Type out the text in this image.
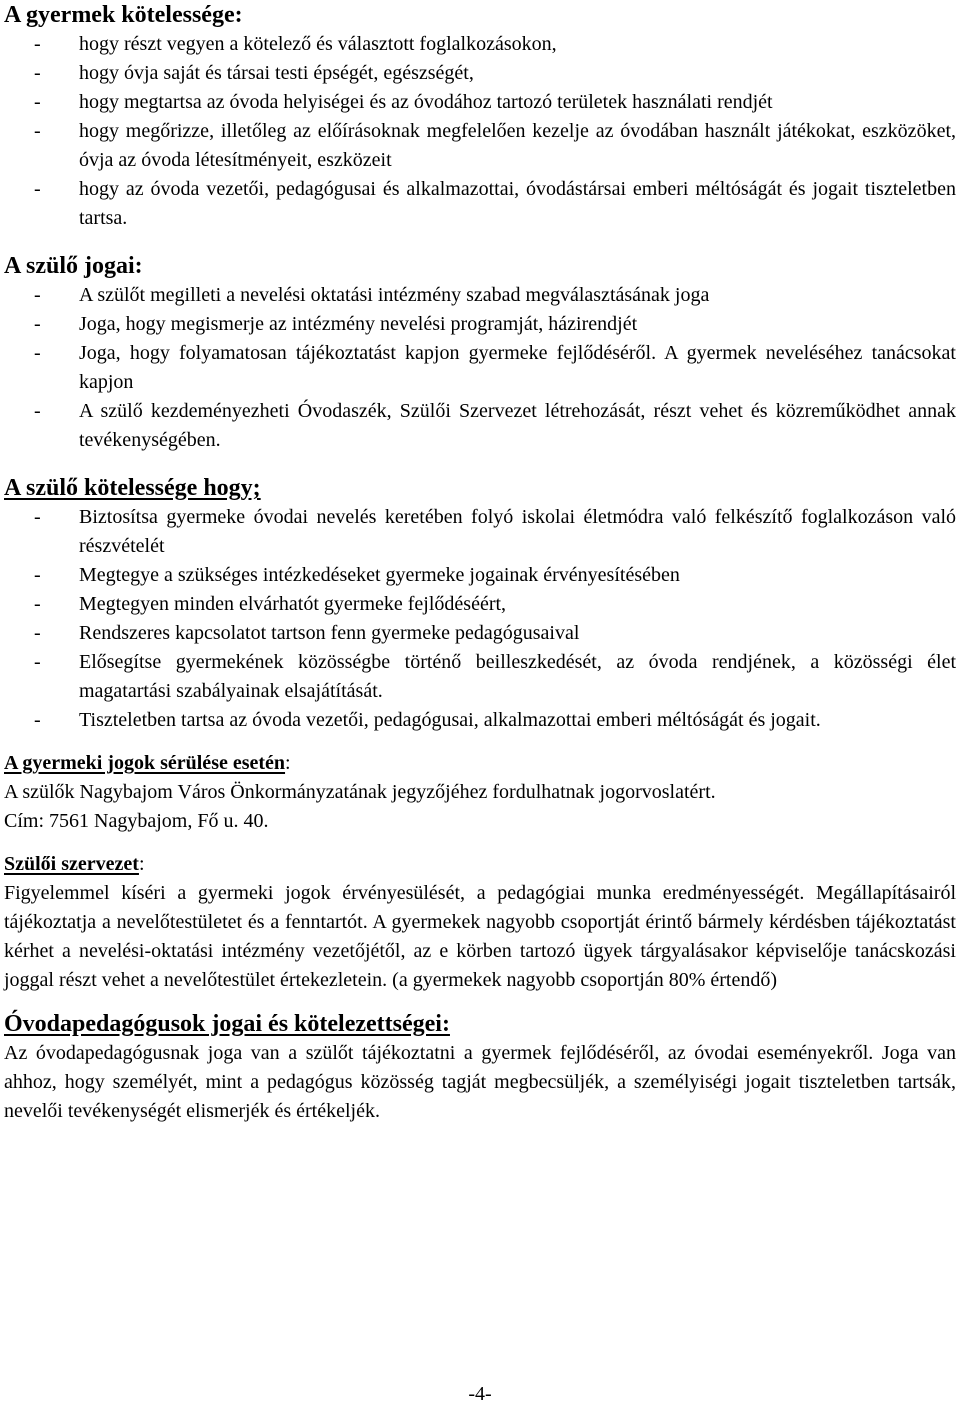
A gyermek kötelessége:
- hogy részt vegyen a kötelező és választott foglalkozásokon,
- hogy óvja saját és társai testi épségét, egészségét,
- hogy megtartsa az óvoda helyiségei és az óvodához tartozó területek használati rendjét
- hogy megőrizze, illetőleg az előírásoknak megfelelően kezelje az óvodában használt játékokat, eszközöket, óvja az óvoda létesítményeit, eszközeit
- hogy az óvoda vezetői, pedagógusai és alkalmazottai, óvodástársai emberi méltóságát és jogait tiszteletben tartsa.
A szülő jogai:
- A szülőt megilleti a nevelési oktatási intézmény szabad megválasztásának joga
- Joga, hogy megismerje az intézmény nevelési programját, házirendjét
- Joga, hogy folyamatosan tájékoztatást kapjon gyermeke fejlődéséről. A gyermek neveléséhez tanácsokat kapjon
- A szülő kezdeményezheti Óvodaszék, Szülői Szervezet létrehozását, részt vehet és közreműködhet annak tevékenységében.
A szülő kötelessége hogy;
- Biztosítsa gyermeke óvodai nevelés keretében folyó iskolai életmódra való felkészítő foglalkozáson való részvételét
- Megtegye a szükséges intézkedéseket gyermeke jogainak érvényesítésében
- Megtegyen minden elvárhatót gyermeke fejlődéséért,
- Rendszeres kapcsolatot tartson fenn gyermeke pedagógusaival
- Elősegítse gyermekének közösségbe történő beilleszkedését, az óvoda rendjének, a közösségi élet magatartási szabályainak elsajátítását.
- Tiszteletben tartsa az óvoda vezetői, pedagógusai, alkalmazottai emberi méltóságát és jogait.
A gyermeki jogok sérülése esetén:

A szülők Nagybajom Város Önkormányzatának jegyzőjéhez fordulhatnak jogorvoslatért.

Cím: 7561 Nagybajom, Fő u. 40.

Szülői szervezet:

Figyelemmel kíséri a gyermeki jogok érvényesülését, a pedagógiai munka eredményességét. Megállapításairól tájékoztatja a nevelőtestületet és a fenntartót. A gyermekek nagyobb csoportját érintő bármely kérdésben tájékoztatást kérhet a nevelési-oktatási intézmény vezetőjétől, az e körben tartozó ügyek tárgyalásakor képviselője tanácskozási joggal részt vehet a nevelőtestület értekezletein. (a gyermekek nagyobb csoportján 80% értendő)

Óvodapedagógusok jogai és kötelezettségei:

Az óvodapedagógusnak joga van a szülőt tájékoztatni a gyermek fejlődéséről, az óvodai eseményekről. Joga van ahhoz, hogy személyét, mint a pedagógus közösség tagját megbecsüljék, a személyiségi jogait tiszteletben tartsák, nevelői tevékenységét elismerjék és értékeljék.

-4-
